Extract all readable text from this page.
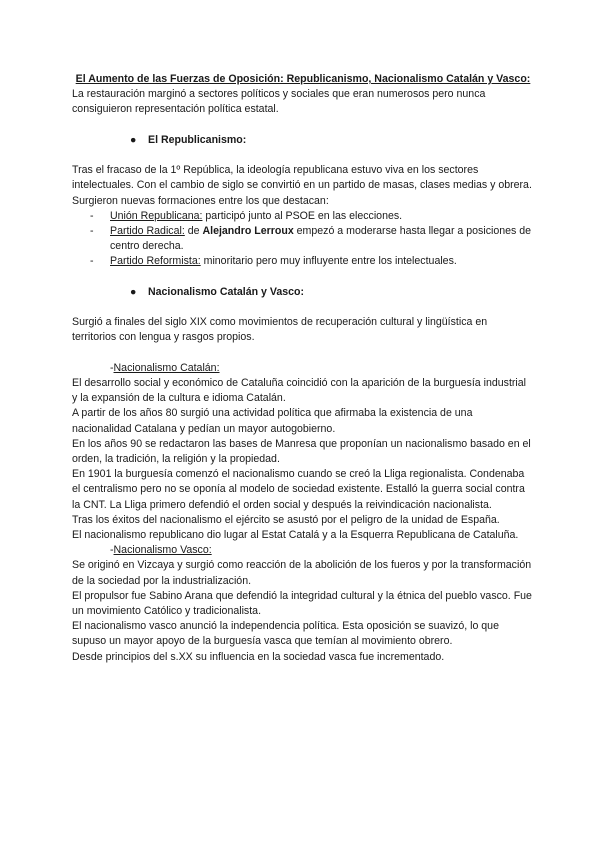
El Aumento de las Fuerzas de Oposición: Republicanismo, Nacionalismo Catalán y Vasco:

La restauración marginó a sectores políticos y sociales que eran numerosos pero nunca consiguieron representación política estatal.

●	El Republicanismo:

Tras el fracaso de la 1º República, la ideología republicana estuvo viva en los sectores intelectuales. Con el cambio de siglo se convirtió en un partido de masas, clases medias y obrera. Surgieron nuevas formaciones entre los que destacan:

- Unión Republicana: participó junto al PSOE en las elecciones.
- Partido Radical: de Alejandro Lerroux empezó a moderarse hasta llegar a posiciones de centro derecha.
- Partido Reformista: minoritario pero muy influyente entre los intelectuales.
●	Nacionalismo Catalán y Vasco:

Surgió a finales del siglo XIX como movimientos de recuperación cultural y lingüística en territorios con lengua y rasgos propios.

-Nacionalismo Catalán:

El desarrollo social y económico de Cataluña coincidió con la aparición de la burguesía industrial y la expansión de la cultura e idioma Catalán.

A partir de los años 80 surgió una actividad política que afirmaba la existencia de una nacionalidad Catalana y pedían un mayor autogobierno.

En los años 90 se redactaron las bases de Manresa que proponían un nacionalismo basado en el orden, la tradición, la religión y la propiedad.

En 1901 la burguesía comenzó el nacionalismo cuando se creó la Lliga regionalista. Condenaba el centralismo pero no se oponía al modelo de sociedad existente. Estalló la guerra social contra la CNT. La Lliga primero defendió el orden social y después la reivindicación nacionalista.

Tras los éxitos del nacionalismo el ejército se asustó por el peligro de la unidad de España.

El nacionalismo republicano dio lugar al Estat Catalá y a la Esquerra Republicana de Cataluña.

-Nacionalismo Vasco:

Se originó en Vizcaya y surgió como reacción de la abolición de los fueros y por la transformación de la sociedad por la industrialización.

El propulsor fue Sabino Arana que defendió la integridad cultural y la étnica del pueblo vasco. Fue un movimiento Católico y tradicionalista.

El nacionalismo vasco anunció la independencia política. Esta oposición se suavizó, lo que supuso un mayor apoyo de la burguesía vasca que temían al movimiento obrero.

Desde principios del s.XX su influencia en la sociedad vasca fue incrementado.
